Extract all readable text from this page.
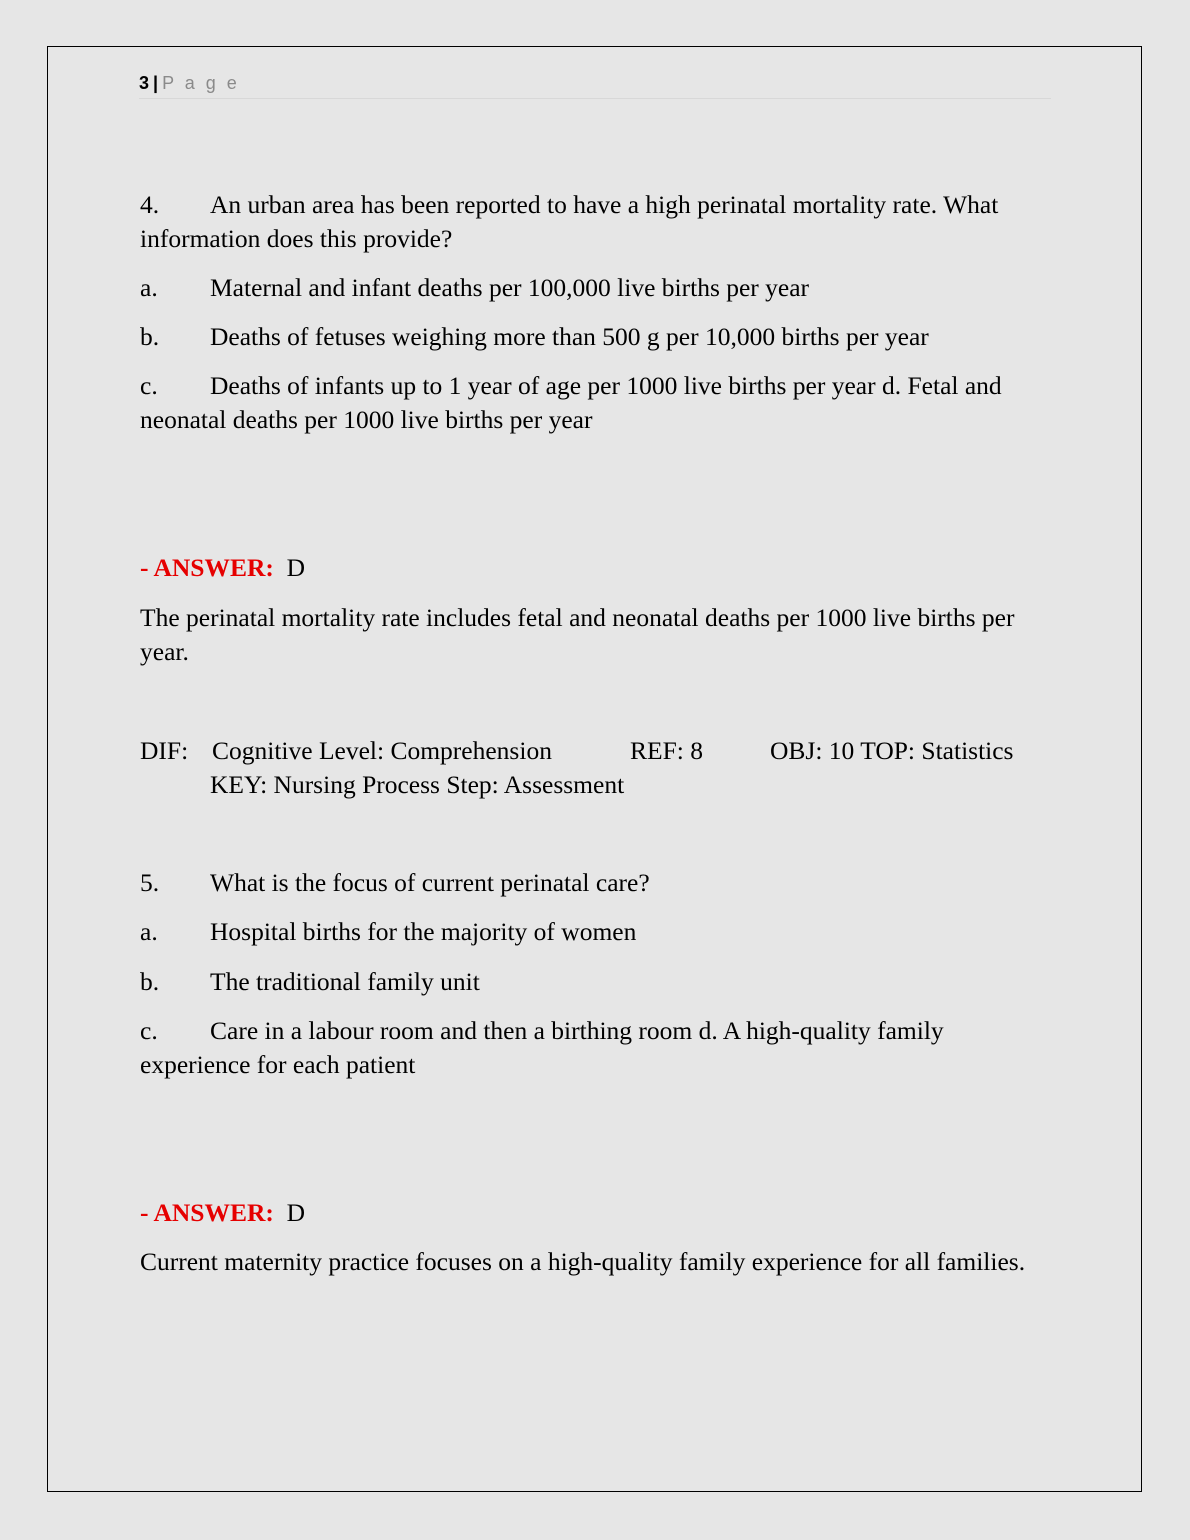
3 | P a g e

4. An urban area has been reported to have a high perinatal mortality rate. What information does this provide?

a. Maternal and infant deaths per 100,000 live births per year

b. Deaths of fetuses weighing more than 500 g per 10,000 births per year

c. Deaths of infants up to 1 year of age per 1000 live births per year d. Fetal and neonatal deaths per 1000 live births per year

- ANSWER: D

The perinatal mortality rate includes fetal and neonatal deaths per 1000 live births per year.

DIF: Cognitive Level: Comprehension	REF: 8	OBJ: 10 TOP: Statistics
KEY: Nursing Process Step: Assessment

5. What is the focus of current perinatal care?

a. Hospital births for the majority of women

b. The traditional family unit

c. Care in a labour room and then a birthing room d. A high-quality family experience for each patient

- ANSWER: D

Current maternity practice focuses on a high-quality family experience for all families.
